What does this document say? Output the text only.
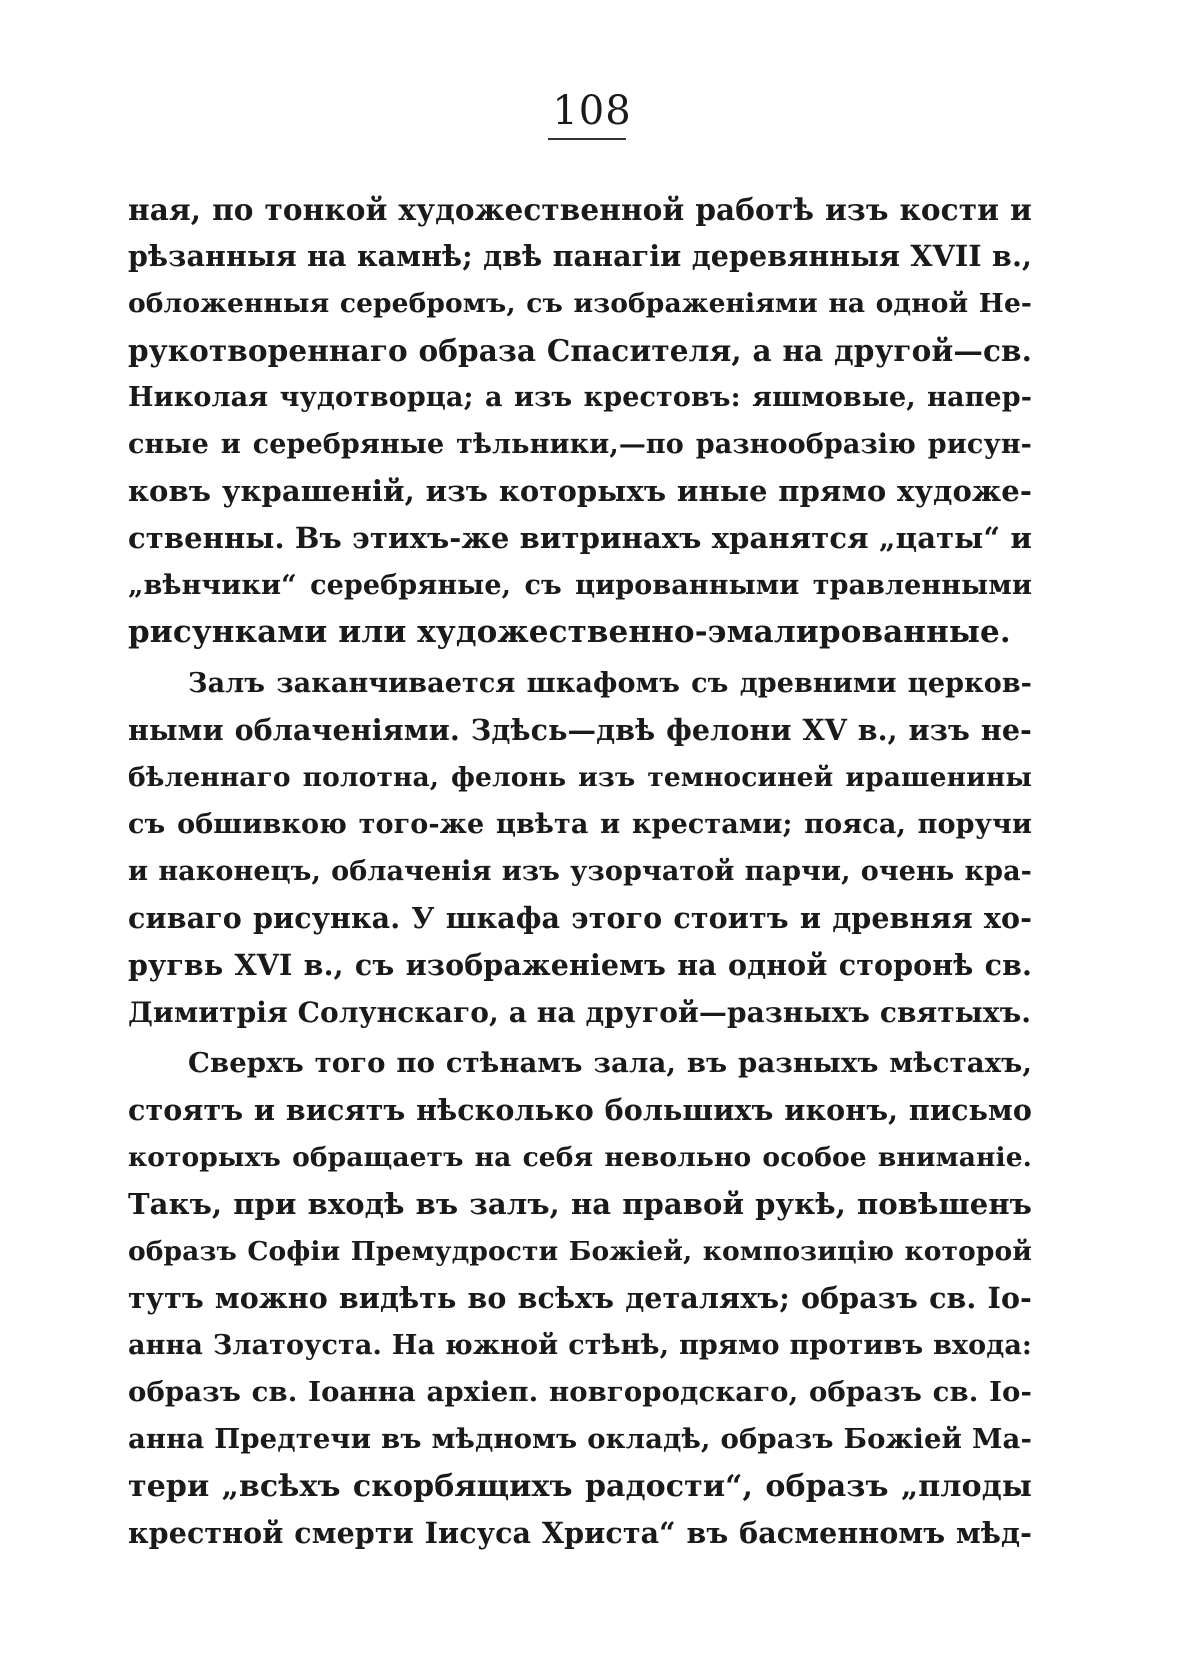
108
ная, по тонкой художественной работѣ изъ кости и
рѣзанныя на камнѣ; двѣ панагіи деревянныя XVII в.,
обложенныя серебромъ, съ изображеніями на одной Не-
рукотвореннаго образа Спасителя, а на другой—св.
Николая чудотворца; а изъ крестовъ: яшмовые, напер-
сные и серебряные тѣльники,—по разнообразію рисун-
ковъ украшеній, изъ которыхъ иные прямо художе-
ственны. Въ этихъ-же витринахъ хранятся „цаты“ и
„вѣнчики“ серебряные, съ цированными травленными
рисунками или художественно-эмалированные.
Залъ заканчивается шкафомъ съ древними церков-
ными облаченіями. Здѣсь—двѣ фелони XV в., изъ не-
бѣленнаго полотна, фелонь изъ темносиней ирашенины
съ обшивкою того-же цвѣта и крестами; пояса, поручи
и наконецъ, облаченія изъ узорчатой парчи, очень кра-
сиваго рисунка. У шкафа этого стоитъ и древняя хо-
ругвь XVI в., съ изображеніемъ на одной сторонѣ св.
Димитрія Солунскаго, а на другой—разныхъ святыхъ.
Сверхъ того по стѣнамъ зала, въ разныхъ мѣстахъ,
стоятъ и висятъ нѣсколько большихъ иконъ, письмо
которыхъ обращаетъ на себя невольно особое вниманіе.
Такъ, при входѣ въ залъ, на правой рукѣ, повѣшенъ
образъ Софіи Премудрости Божіей, композицію которой
тутъ можно видѣть во всѣхъ деталяхъ; образъ св. Іо-
анна Златоуста. На южной стѣнѣ, прямо противъ входа:
образъ св. Іоанна архіеп. новгородскаго, образъ св. Іо-
анна Предтечи въ мѣдномъ окладѣ, образъ Божіей Ма-
тери „всѣхъ скорбящихъ радости“, образъ „плоды
крестной смерти Іисуса Христа“ въ басменномъ мѣд-
